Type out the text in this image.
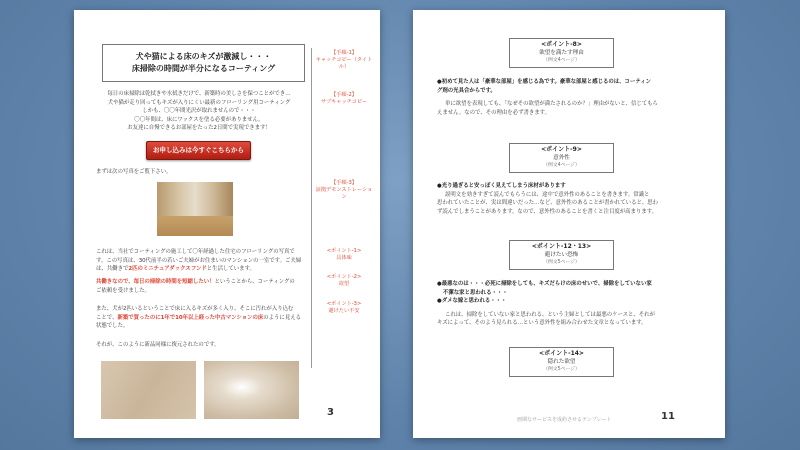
犬や猫による床のキズが激減し・・・
床掃除の時間が半分になるコーティング
【手順-1】
キャッチコピー（タイトル）
【手順-2】
サブキャッチコピー
【手順-3】
証拠デモンストレーション
<ポイント-1>
具体味
<ポイント-2>
欲望
<ポイント-3>
避けたい不安
毎日の床掃除は乾拭きや水拭きだけで、新築時の美しさを保つことができ…
犬や猫が走り回ってもキズが入りにくい最新のフローリング用コーティング
しかも、〇〇年間光沢が取れませんので・・・
〇〇年間は、床にワックスを塗る必要がありません。
お友達に自慢できるお部屋をたった2日間で実現できます！
お申し込みは今すぐこちらから
まずは次の写真をご覧下さい。
これは、当社でコーティングの施工して〇年経過した住宅のフローリングの写真で
す。この写真は、30代前半の若いご夫婦がお住まいのマンションの一室です。ご夫婦
は、共働きで2匹のミニチュアダックスフンドと生活しています。
共働きなので、毎日の掃除の時間を短縮したい！ということから、コーティングの
ご依頼を受けました。
また、犬が2匹いるということで床に入るキズが多く入り、そこに汚れが入り込む
ことで、新築で買ったのに1年で10年以上経った中古マンションの床のように見える
状態でした。
それが、このように新品同様に復元されたのです。
3
<ポイント-8>
欲望を満たす理由
（例文4ページ）
●初めて見た人は「豪華な部屋」を感じる為です。豪華な部屋と感じるのは、コーティン
グ剤の光具合からです。
単に欲望を表現しても、「なぜその欲望が満たされるのか？」理由がないと、信じてもら
えません。なので、その理由を必ず書きます。
<ポイント-9>
意外性
（例文4ページ）
●光り過ぎると安っぽく見えてしまう床材があります
説明文を効きすぎて読んでもらうには、途中で意外性のあることを書きます。常識と
思われていたことが、実は間違いだった…など、意外性のあることが書かれていると、思わ
ず読んでしまうことがあります。なので、意外性のあることを書くと注目度が高まります。
<ポイント-12・13>
避けたい恐怖
（例文5ページ）
●最悪なのは・・・必死に掃除をしても、キズだらけの床のせいで、掃除をしていない家
不潔な家と思われる・・・
●ダメな嫁と思われる・・・
これは、掃除をしていない家と思われる、という主婦としては最悪のケースと、それが
キズによって、そのよう見られる…という意外性を組み合わせた文章となっています。
<ポイント-14>
隠れた欲望
（例文5ページ）
画期なサービスを成約させるテンプレート	11
